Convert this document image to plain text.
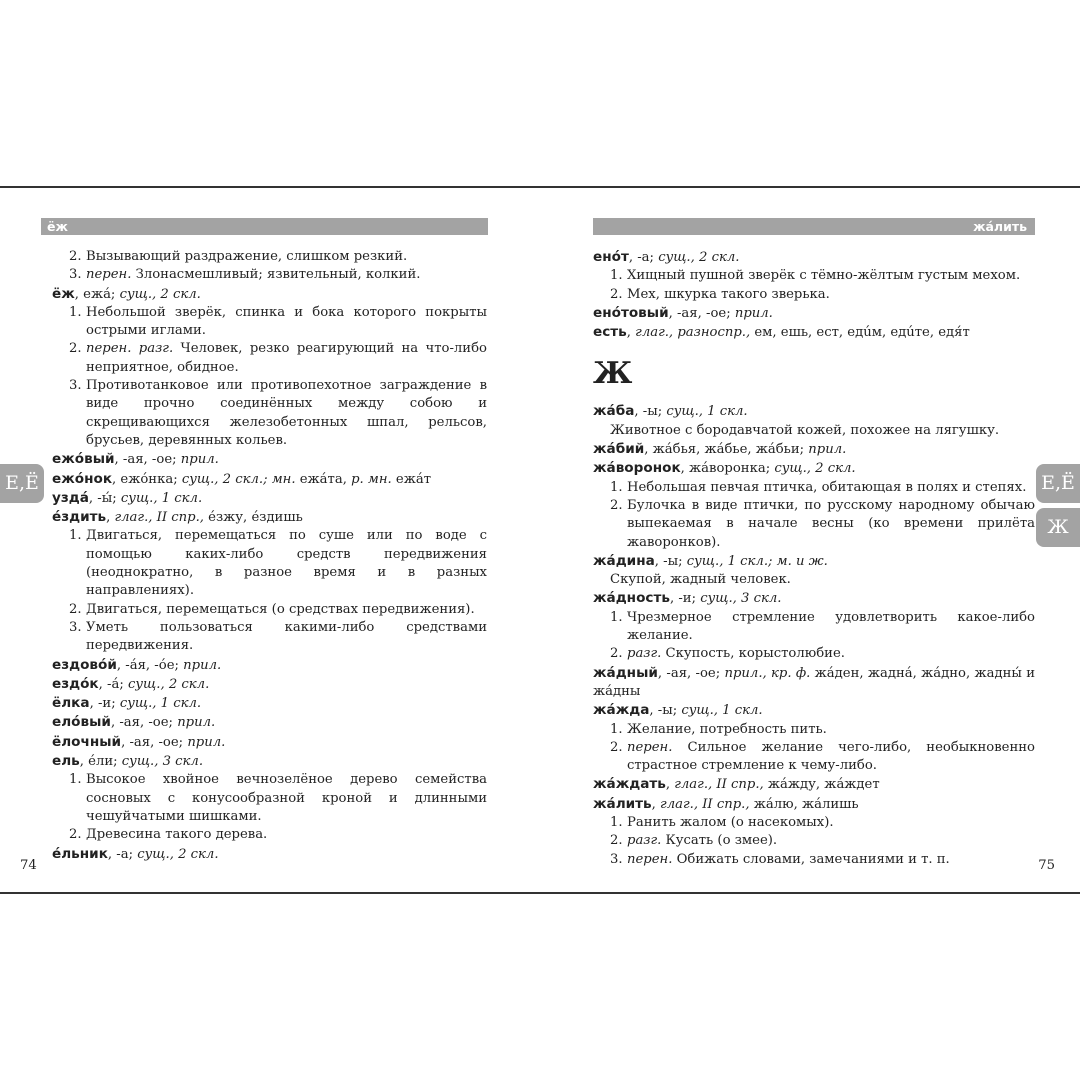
ёж
2. Вызывающий раздражение, слишком резкий.
3. перен. Злонасмешливый; язвительный, колкий.
ёж, ежá; сущ., 2 скл.
1. Небольшой зверёк, спинка и бока которого покрыты острыми иглами.
2. перен. разг. Человек, резко реагирующий на что-либо неприятное, обидное.
3. Противотанковое или противопехотное заграждение в виде прочно соединённых между собою и скрещивающихся железобетонных шпал, рельсов, брусьев, деревянных кольев.
ежóвый, -ая, -ое; прил.
ежóнок, ежóнка; сущ., 2 скл.; мн. ежáта, р. мн. ежáт
уздá, -ы́; сущ., 1 скл.
éздить, глаг., II спр., éзжу, éздишь
1. Двигаться, перемещаться по суше или по воде с помощью каких-либо средств передвижения (неоднократно, в разное время и в разных направлениях).
2. Двигаться, перемещаться (о средствах передвижения).
3. Уметь пользоваться какими-либо средствами передвижения.
ездовóй, -áя, -óе; прил.
ездóк, -á; сущ., 2 скл.
ёлка, -и; сущ., 1 скл.
елóвый, -ая, -ое; прил.
ёлочный, -ая, -ое; прил.
ель, éли; сущ., 3 скл.
1. Высокое хвойное вечнозелёное дерево семейства сосновых с конусообразной кроной и длинными чешуйчатыми шишками.
2. Древесина такого дерева.
éльник, -а; сущ., 2 скл.
Е,Ё
74
жáлить
енóт, -а; сущ., 2 скл.
1. Хищный пушной зверёк с тёмно-жёлтым густым мехом.
2. Мех, шкурка такого зверька.
енóтовый, -ая, -ое; прил.
есть, глаг., разноспр., ем, ешь, ест, едúм, едúте, едя́т
Ж
жáба, -ы; сущ., 1 скл.
Животное с бородавчатой кожей, похожее на лягушку.
жáбий, жáбья, жáбье, жáбьи; прил.
жáворонок, жáворонка; сущ., 2 скл.
1. Небольшая певчая птичка, обитающая в полях и степях.
2. Булочка в виде птички, по русскому народному обычаю выпекаемая в начале весны (ко времени прилёта жаворонков).
жáдина, -ы; сущ., 1 скл.; м. и ж.
Скупой, жадный человек.
жáдность, -и; сущ., 3 скл.
1. Чрезмерное стремление удовлетворить какое-либо желание.
2. разг. Скупость, корыстолюбие.
жáдный, -ая, -ое; прил., кр. ф. жáден, жаднá, жáдно, жадны́ и жáдны
жáжда, -ы; сущ., 1 скл.
1. Желание, потребность пить.
2. перен. Сильное желание чего-либо, необыкновенно страстное стремление к чему-либо.
жáждать, глаг., II спр., жáжду, жáждет
жáлить, глаг., II спр., жáлю, жáлишь
1. Ранить жалом (о насекомых).
2. разг. Кусать (о змее).
3. перен. Обижать словами, замечаниями и т. п.
Е,Ё
Ж
75
